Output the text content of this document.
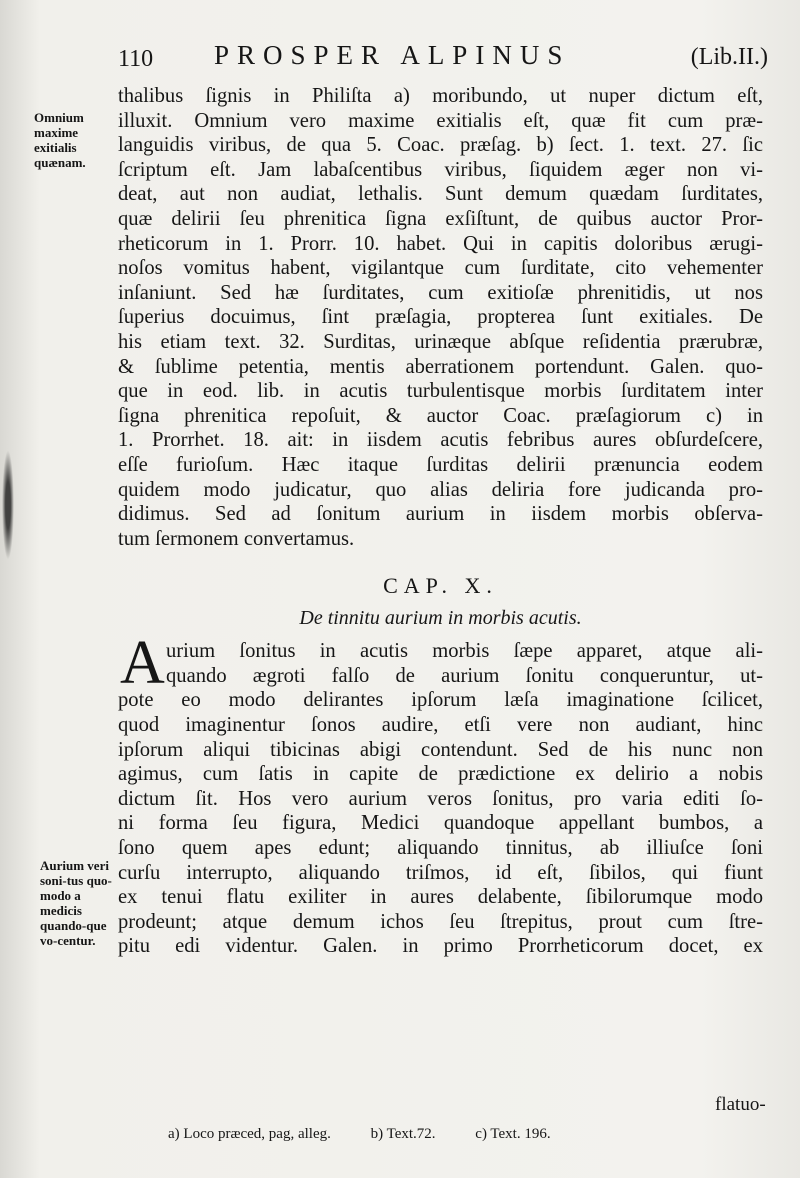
110 PROSPER ALPINUS	(Lib.II.)
Omnium maxime exitialis quænam.
Aurium veri soni-tus quo-modo a medicis quando-que vo-centur.
thalibus ſignis in Philiſta a) moribundo, ut nuper dictum eſt,
illuxit. Omnium vero maxime exitialis eſt, quæ fit cum præ-
languidis viribus, de qua 5. Coac. præſag. b) ſect. 1. text. 27. ſic
ſcriptum eſt. Jam labaſcentibus viribus, ſiquidem æger non vi-
deat, aut non audiat, lethalis. Sunt demum quædam ſurditates,
quæ delirii ſeu phrenitica ſigna exſiſtunt, de quibus auctor Pror-
rheticorum in 1. Prorr. 10. habet. Qui in capitis doloribus ærugi-
noſos vomitus habent, vigilantque cum ſurditate, cito vehementer
inſaniunt. Sed hæ ſurditates, cum exitioſæ phrenitidis, ut nos
ſuperius docuimus, ſint præſagia, propterea ſunt exitiales. De
his etiam text. 32. Surditas, urinæque abſque reſidentia prærubræ,
& ſublime petentia, mentis aberrationem portendunt. Galen. quo-
que in eod. lib. in acutis turbulentisque morbis ſurditatem inter
ſigna phrenitica repoſuit, & auctor Coac. præſagiorum c) in
1. Prorrhet. 18. ait: in iisdem acutis febribus aures obſurdeſcere,
eſſe furioſum. Hæc itaque ſurditas delirii prænuncia eodem
quidem modo judicatur, quo alias deliria fore judicanda pro-
didimus. Sed ad ſonitum aurium in iisdem morbis obſerva-
tum ſermonem convertamus.
CAP. X.
De tinnitu aurium in morbis acutis.
A urium ſonitus in acutis morbis ſæpe apparet, atque ali-
quando ægroti falſo de aurium ſonitu conqueruntur, ut-
pote eo modo delirantes ipſorum læſa imaginatione ſcilicet,
quod imaginentur ſonos audire, etſi vere non audiant, hinc
ipſorum aliqui tibicinas abigi contendunt. Sed de his nunc non
agimus, cum ſatis in capite de prædictione ex delirio a nobis
dictum ſit. Hos vero aurium veros ſonitus, pro varia editi ſo-
ni forma ſeu figura, Medici quandoque appellant bumbos, a
ſono quem apes edunt; aliquando tinnitus, ab illiuſce ſoni
curſu interrupto, aliquando triſmos, id eſt, ſibilos, qui fiunt
ex tenui flatu exiliter in aures delabente, ſibilorumque modo
prodeunt; atque demum ichos ſeu ſtrepitus, prout cum ſtre-
pitu edi videntur. Galen. in primo Prorrheticorum docet, ex
flatuo-
a) Loco præced, pag, alleg.	b) Text.72.	c) Text. 196.
